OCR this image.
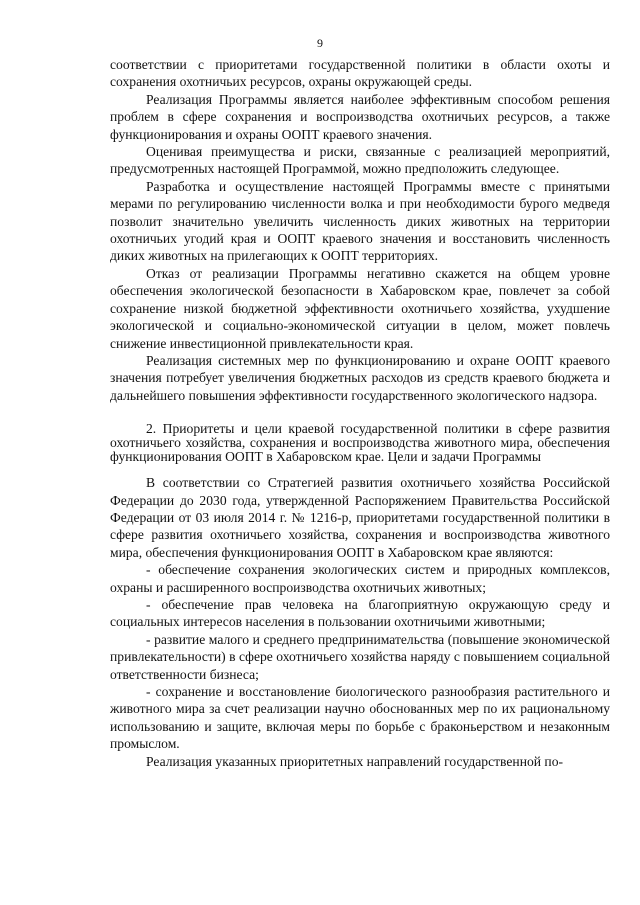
9

соответствии с приоритетами государственной политики в области охоты и сохранения охотничьих ресурсов, охраны окружающей среды.

Реализация Программы является наиболее эффективным способом решения проблем в сфере сохранения и воспроизводства охотничьих ресурсов, а также функционирования и охраны ООПТ краевого значения.

Оценивая преимущества и риски, связанные с реализацией мероприятий, предусмотренных настоящей Программой, можно предположить следующее.

Разработка и осуществление настоящей Программы вместе с принятыми мерами по регулированию численности волка и при необходимости бурого медведя позволит значительно увеличить численность диких животных на территории охотничьих угодий края и ООПТ краевого значения и восстановить численность диких животных на прилегающих к ООПТ территориях.

Отказ от реализации Программы негативно скажется на общем уровне обеспечения экологической безопасности в Хабаровском крае, повлечет за собой сохранение низкой бюджетной эффективности охотничьего хозяйства, ухудшение экологической и социально-экономической ситуации в целом, может повлечь снижение инвестиционной привлекательности края.

Реализация системных мер по функционированию и охране ООПТ краевого значения потребует увеличения бюджетных расходов из средств краевого бюджета и дальнейшего повышения эффективности государственного экологического надзора.

2. Приоритеты и цели краевой государственной политики в сфере развития охотничьего хозяйства, сохранения и воспроизводства животного мира, обеспечения функционирования ООПТ в Хабаровском крае. Цели и задачи Программы

В соответствии со Стратегией развития охотничьего хозяйства Российской Федерации до 2030 года, утвержденной Распоряжением Правительства Российской Федерации от 03 июля 2014 г. № 1216-р, приоритетами государственной политики в сфере развития охотничьего хозяйства, сохранения и воспроизводства животного мира, обеспечения функционирования ООПТ в Хабаровском крае являются:

- обеспечение сохранения экологических систем и природных комплексов, охраны и расширенного воспроизводства охотничьих животных;

- обеспечение прав человека на благоприятную окружающую среду и социальных интересов населения в пользовании охотничьими животными;

- развитие малого и среднего предпринимательства (повышение экономической привлекательности) в сфере охотничьего хозяйства наряду с повышением социальной ответственности бизнеса;

- сохранение и восстановление биологического разнообразия растительного и животного мира за счет реализации научно обоснованных мер по их рациональному использованию и защите, включая меры по борьбе с браконьерством и незаконным промыслом.

Реализация указанных приоритетных направлений государственной по-
